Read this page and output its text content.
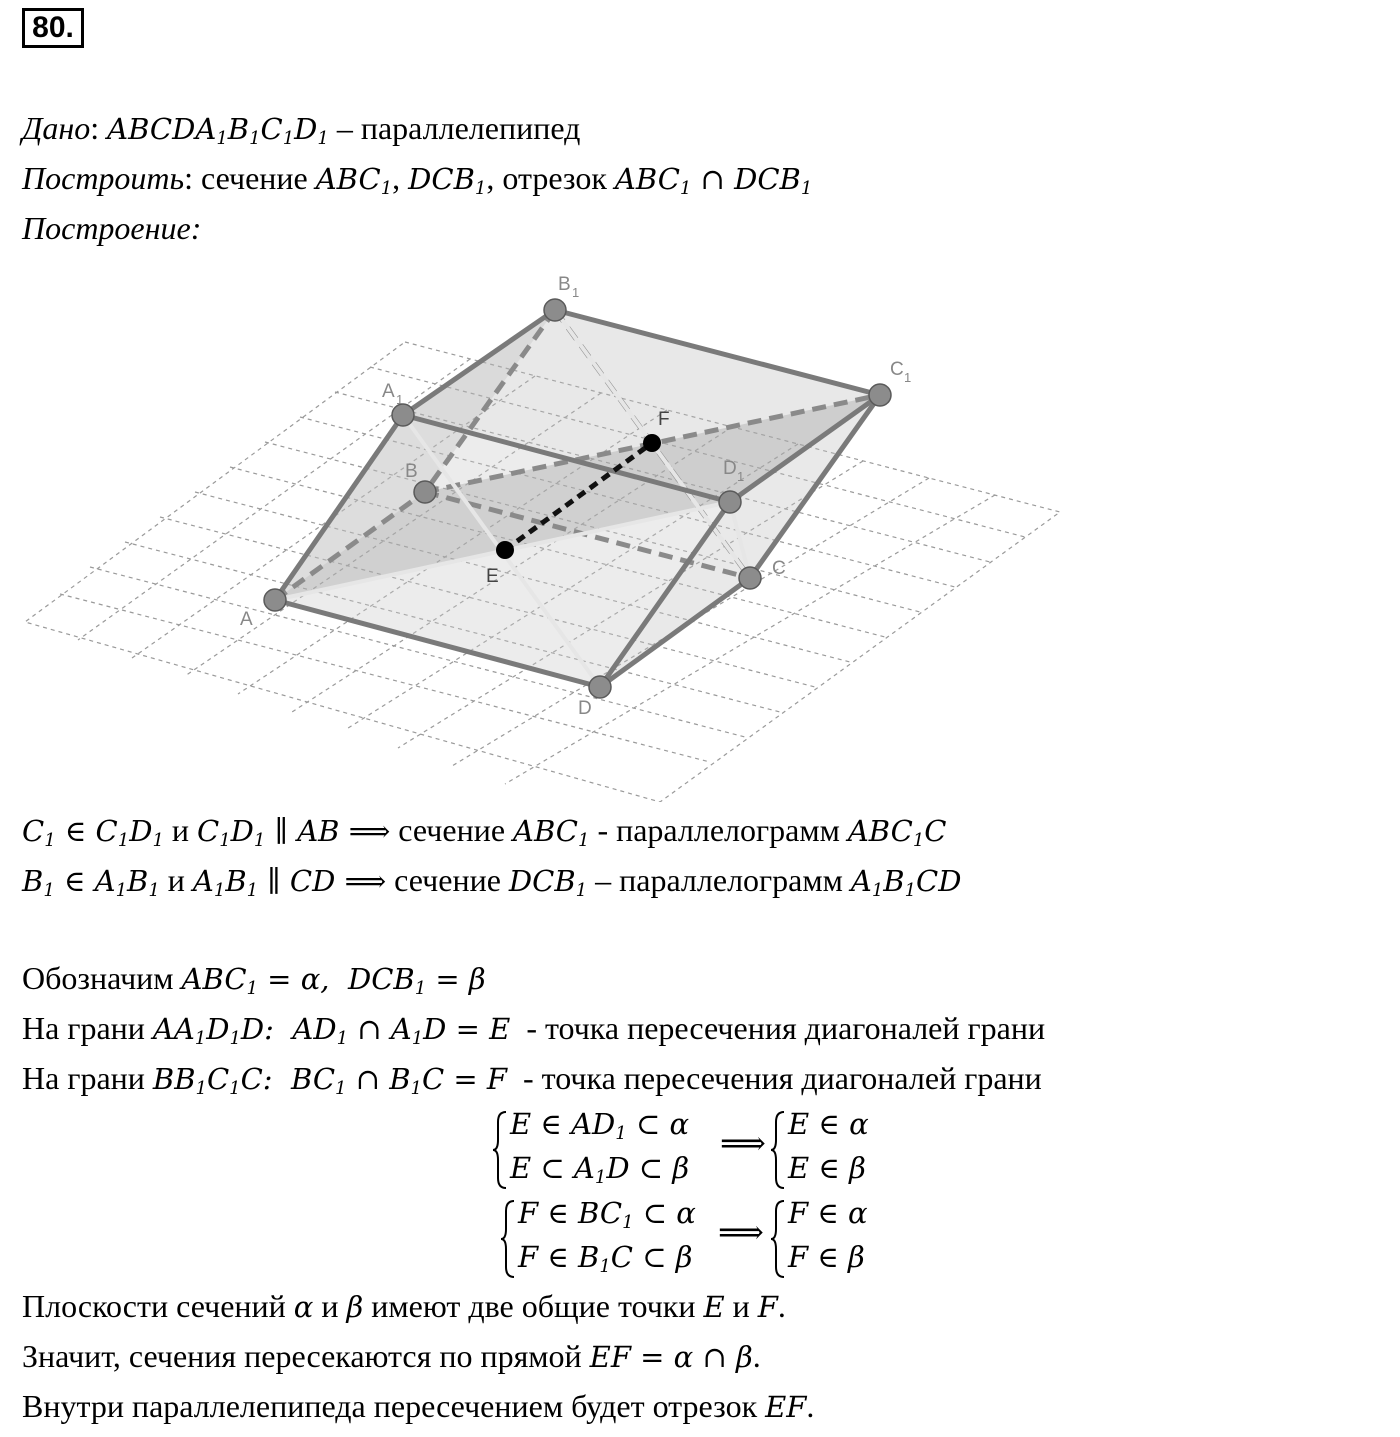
80.
Дано: $ABCDA_1B_1C_1D_1$ – параллелепипед
Построить: сечение $ABC_1$, $DCB_1$, отрезок $ABC_1$ ∩ $DCB_1$
Построение:
A
B
C
D
A 1
B 1
C 1
D 1
E
F
$C_1$ ∈ $C_1D_1$ и $C_1D_1$ ∥ AB ⟹ сечение $ABC_1$ - параллелограмм $ABC_1C$
$B_1$ ∈ $A_1B_1$ и $A_1B_1$ ∥ CD ⟹ сечение $DCB_1$ – параллелограмм $A_1B_1CD$
Обозначим $ABC_1 = \alpha$,  $DCB_1 = \beta$
На грани $AA_1D_1D$:  $AD_1$ ∩ $A_1D = E$ - точка пересечения диагоналей грани
На грани $BB_1C_1C$:  $BC_1$ ∩ $B_1C = F$ - точка пересечения диагоналей грани
E ∈ $AD_1$ ⊂ α
E ⊂ $A_1D$ ⊂ β
⟹ E ∈ α
E ∈ β
F ∈ $BC_1$ ⊂ α
F ∈ $B_1C$ ⊂ β
⟹ F ∈ α
F ∈ β
Плоскости сечений α и β имеют две общие точки E и F.
Значит, сечения пересекаются по прямой EF = α ∩ β.
Внутри параллелепипеда пересечением будет отрезок EF.
